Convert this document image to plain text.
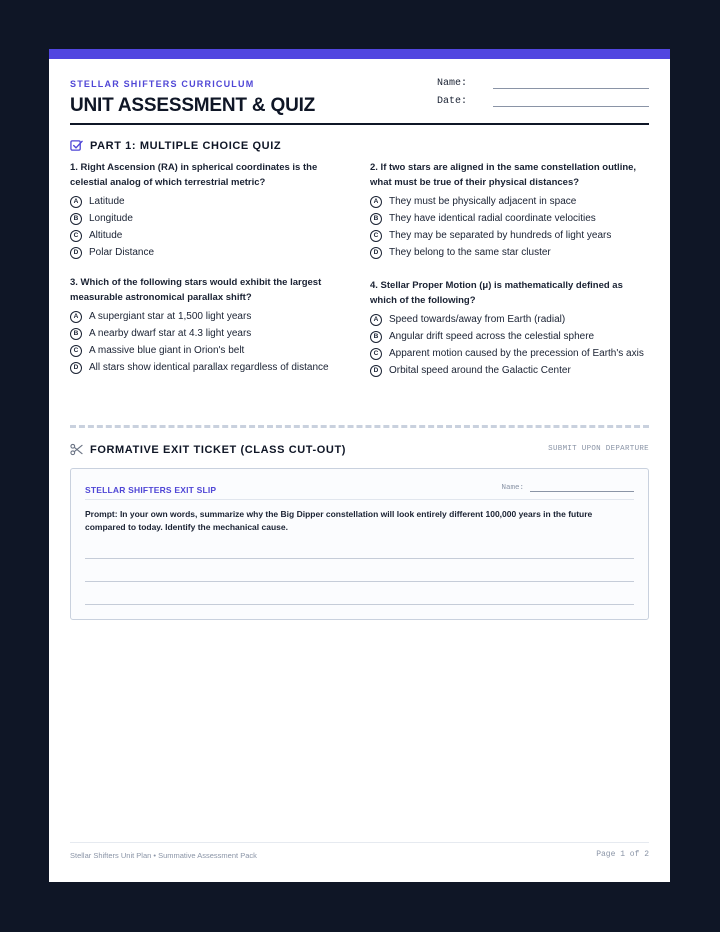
STELLAR SHIFTERS CURRICULUM
UNIT ASSESSMENT & QUIZ
Name:
Date:
PART 1: MULTIPLE CHOICE QUIZ
1. Right Ascension (RA) in spherical coordinates is the celestial analog of which terrestrial metric?
A	Latitude
B	Longitude
C	Altitude
D	Polar Distance
2. If two stars are aligned in the same constellation outline, what must be true of their physical distances?
A	They must be physically adjacent in space
B	They have identical radial coordinate velocities
C	They may be separated by hundreds of light years
D	They belong to the same star cluster
3. Which of the following stars would exhibit the largest measurable astronomical parallax shift?
A	A supergiant star at 1,500 light years
B	A nearby dwarf star at 4.3 light years
C	A massive blue giant in Orion's belt
D	All stars show identical parallax regardless of distance
4. Stellar Proper Motion (μ) is mathematically defined as which of the following?
A	Speed towards/away from Earth (radial)
B	Angular drift speed across the celestial sphere
C	Apparent motion caused by the precession of Earth's axis
D	Orbital speed around the Galactic Center
FORMATIVE EXIT TICKET (CLASS CUT-OUT)	SUBMIT UPON DEPARTURE
STELLAR SHIFTERS EXIT SLIP	Name:
Prompt: In your own words, summarize why the Big Dipper constellation will look entirely different 100,000 years in the future compared to today. Identify the mechanical cause.
Stellar Shifters Unit Plan • Summative Assessment Pack	Page 1 of 2
